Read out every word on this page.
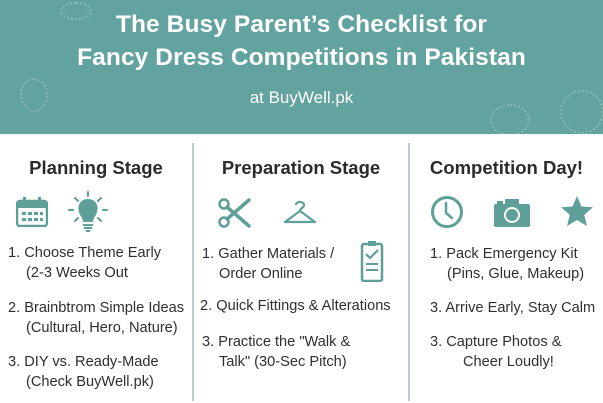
The Busy Parent’s Checklist for
Fancy Dress Competitions in Pakistan
at BuyWell.pk
Planning Stage
1. Choose Theme Early
(2-3 Weeks Out
2. Brainbtrom Simple Ideas
(Cultural, Hero, Nature)
3. DIY vs. Ready-Made
(Check BuyWell.pk)
Preparation Stage
1. Gather Materials /
Order Online
2. Quick Fittings & Alterations
3. Practice the "Walk &
Talk" (30-Sec Pitch)
Competition Day!
1. Pack Emergency Kit
(Pins, Glue, Makeup)
3. Arrive Early, Stay Calm
3. Capture Photos &
Cheer Loudly!
